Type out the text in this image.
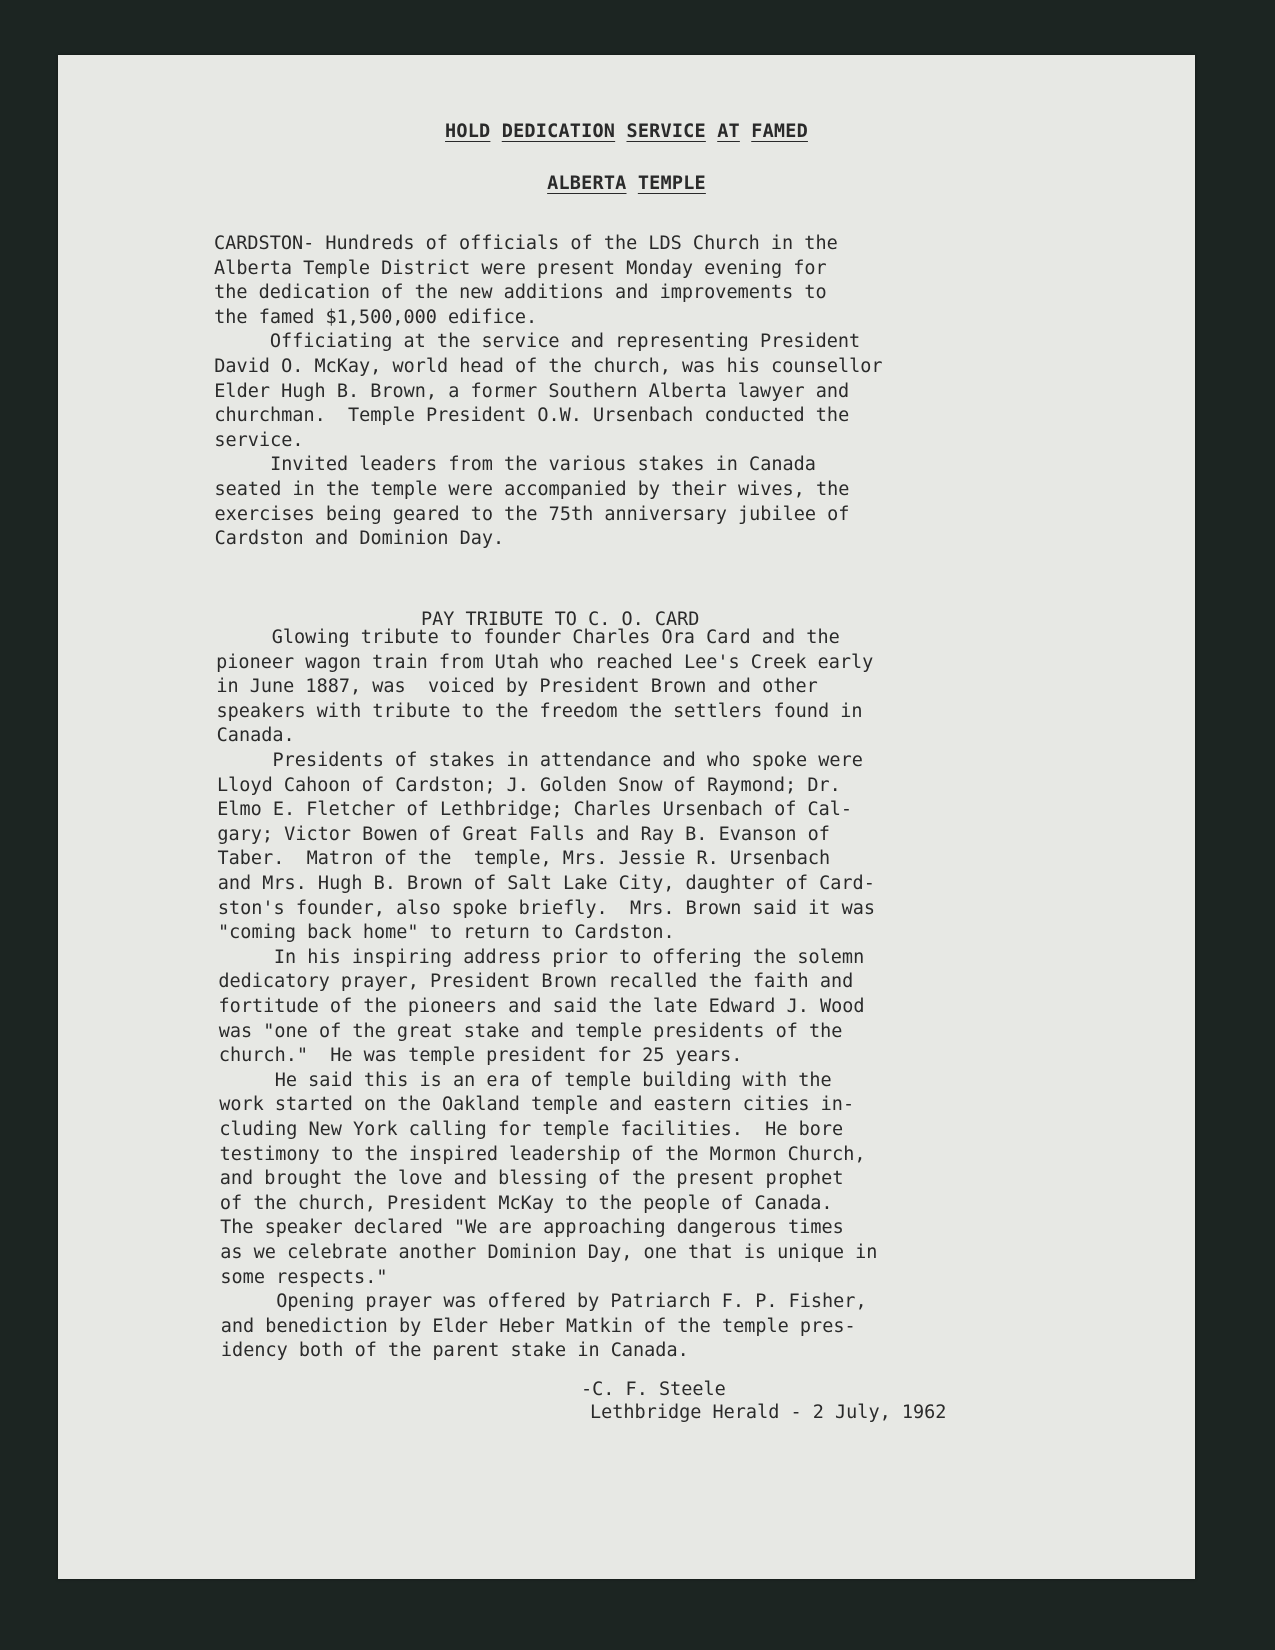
HOLD DEDICATION SERVICE AT FAMED
ALBERTA TEMPLE
CARDSTON- Hundreds of officials of the LDS Church in the
Alberta Temple District were present Monday evening for
the dedication of the new additions and improvements to
the famed $1,500,000 edifice.
Officiating at the service and representing President
David O. McKay, world head of the church, was his counsellor
Elder Hugh B. Brown, a former Southern Alberta lawyer and
churchman.  Temple President O.W. Ursenbach conducted the
service.
Invited leaders from the various stakes in Canada
seated in the temple were accompanied by their wives, the
exercises being geared to the 75th anniversary jubilee of
Cardston and Dominion Day.
PAY TRIBUTE TO C. O. CARD
Glowing tribute to founder Charles Ora Card and the
pioneer wagon train from Utah who reached Lee's Creek early
in June 1887, was  voiced by President Brown and other
speakers with tribute to the freedom the settlers found in
Canada.
Presidents of stakes in attendance and who spoke were
Lloyd Cahoon of Cardston; J. Golden Snow of Raymond; Dr.
Elmo E. Fletcher of Lethbridge; Charles Ursenbach of Cal-
gary; Victor Bowen of Great Falls and Ray B. Evanson of
Taber.  Matron of the  temple, Mrs. Jessie R. Ursenbach
and Mrs. Hugh B. Brown of Salt Lake City, daughter of Card-
ston's founder, also spoke briefly.  Mrs. Brown said it was
"coming back home" to return to Cardston.
In his inspiring address prior to offering the solemn
dedicatory prayer, President Brown recalled the faith and
fortitude of the pioneers and said the late Edward J. Wood
was "one of the great stake and temple presidents of the
church."  He was temple president for 25 years.
He said this is an era of temple building with the
work started on the Oakland temple and eastern cities in-
cluding New York calling for temple facilities.  He bore
testimony to the inspired leadership of the Mormon Church,
and brought the love and blessing of the present prophet
of the church, President McKay to the people of Canada.
The speaker declared "We are approaching dangerous times
as we celebrate another Dominion Day, one that is unique in
some respects."
Opening prayer was offered by Patriarch F. P. Fisher,
and benediction by Elder Heber Matkin of the temple pres-
idency both of the parent stake in Canada.
-C. F. Steele
Lethbridge Herald - 2 July, 1962
